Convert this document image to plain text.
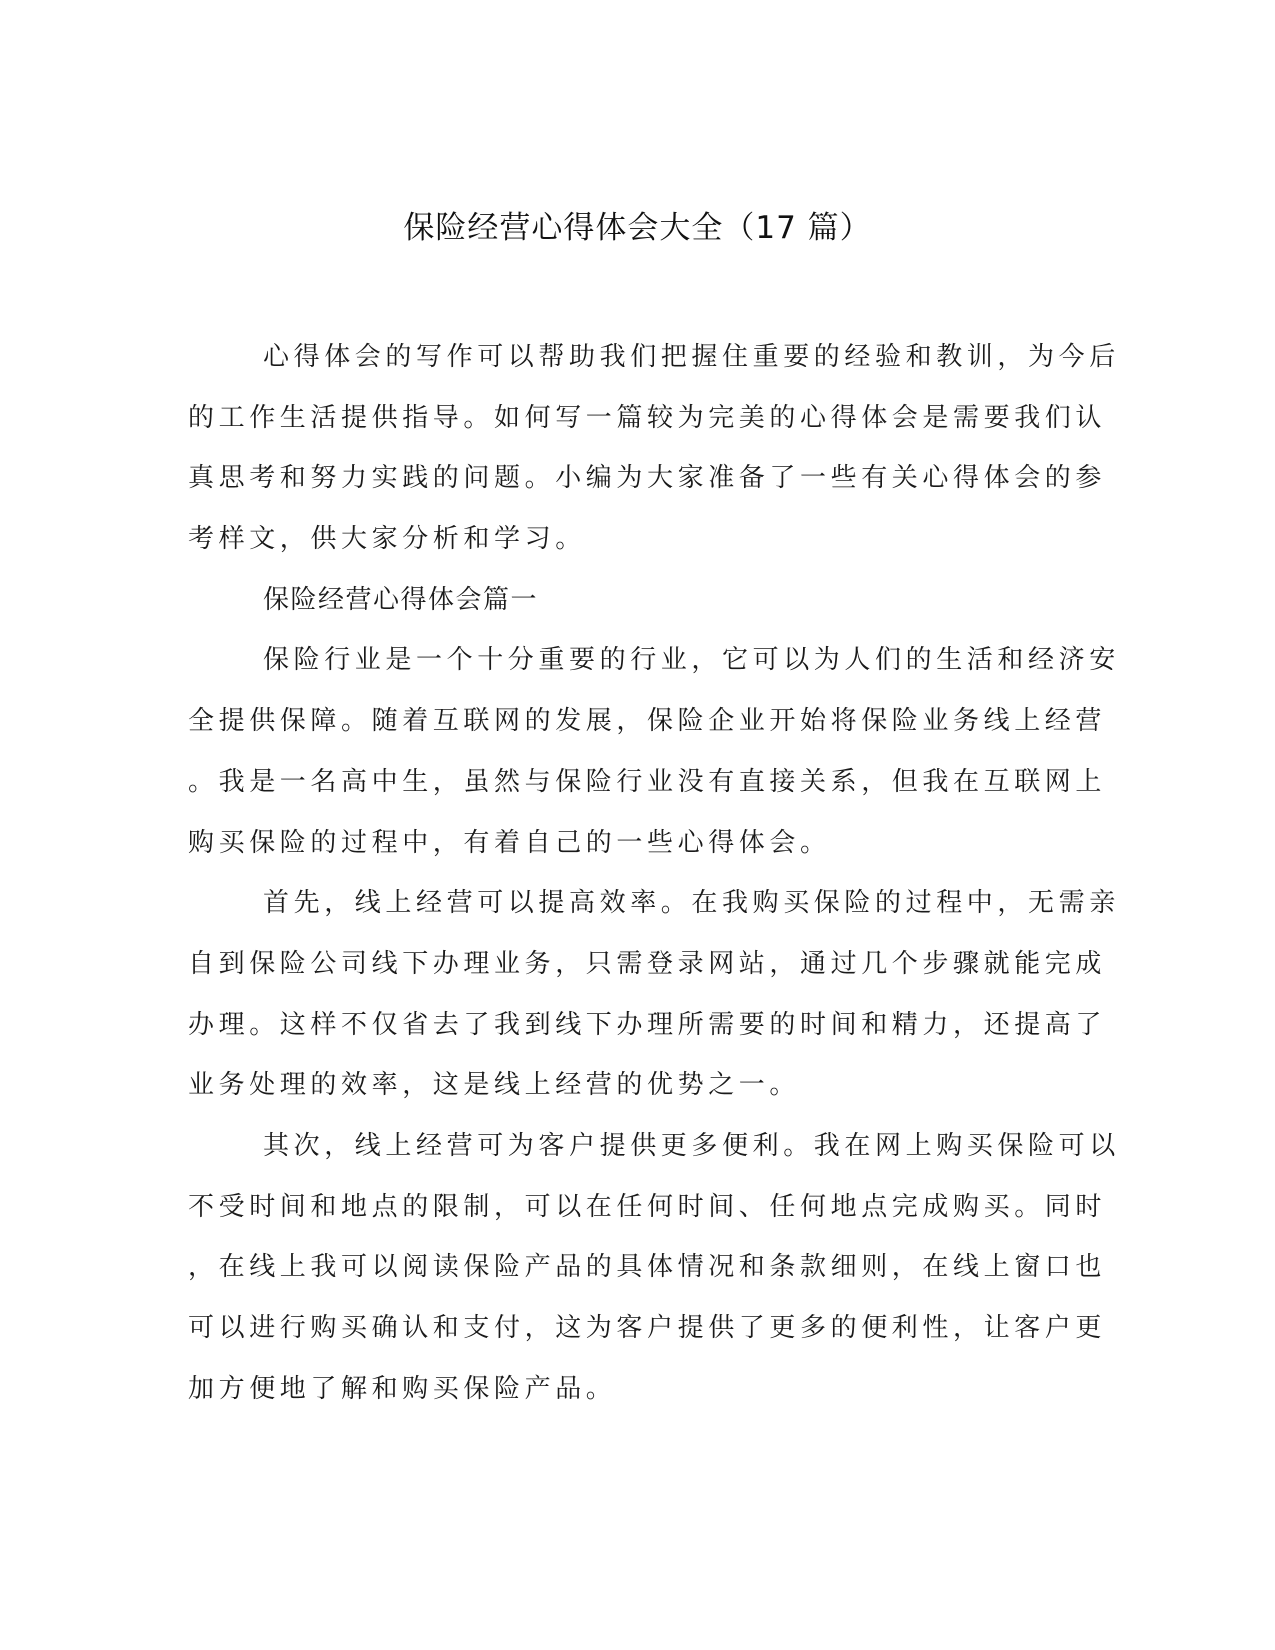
保险经营心得体会大全（17 篇）
心得体会的写作可以帮助我们把握住重要的经验和教训，为今后
的工作生活提供指导。如何写一篇较为完美的心得体会是需要我们认
真思考和努力实践的问题。小编为大家准备了一些有关心得体会的参
考样文，供大家分析和学习。
保险经营心得体会篇一
保险行业是一个十分重要的行业，它可以为人们的生活和经济安
全提供保障。随着互联网的发展，保险企业开始将保险业务线上经营
。我是一名高中生，虽然与保险行业没有直接关系，但我在互联网上
购买保险的过程中，有着自己的一些心得体会。
首先，线上经营可以提高效率。在我购买保险的过程中，无需亲
自到保险公司线下办理业务，只需登录网站，通过几个步骤就能完成
办理。这样不仅省去了我到线下办理所需要的时间和精力，还提高了
业务处理的效率，这是线上经营的优势之一。
其次，线上经营可为客户提供更多便利。我在网上购买保险可以
不受时间和地点的限制，可以在任何时间、任何地点完成购买。同时
，在线上我可以阅读保险产品的具体情况和条款细则，在线上窗口也
可以进行购买确认和支付，这为客户提供了更多的便利性，让客户更
加方便地了解和购买保险产品。
